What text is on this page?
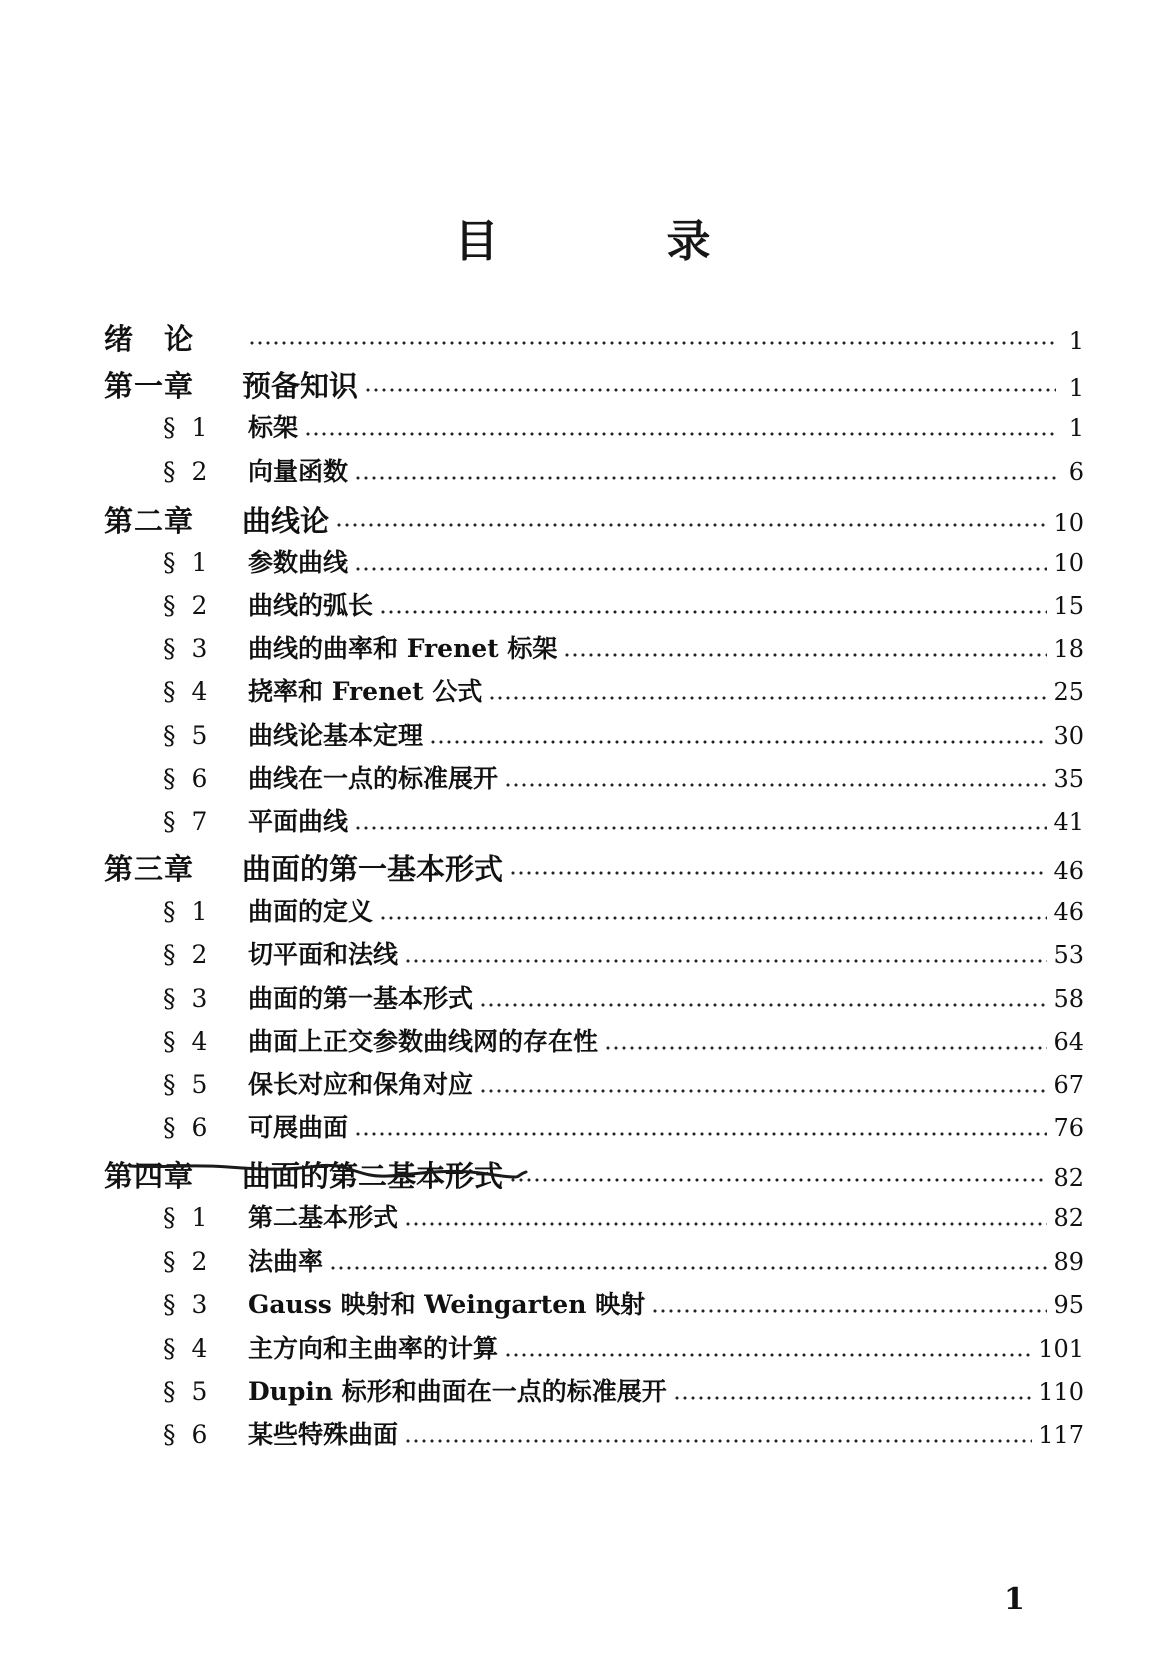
目　录
绪　论	1
第一章	预备知识	1
§ 1	标架	1
§ 2	向量函数	6
第二章	曲线论	10
§ 1	参数曲线	10
§ 2	曲线的弧长	15
§ 3	曲线的曲率和 Frenet 标架	18
§ 4	挠率和 Frenet 公式	25
§ 5	曲线论基本定理	30
§ 6	曲线在一点的标准展开	35
§ 7	平面曲线	41
第三章	曲面的第一基本形式	46
§ 1	曲面的定义	46
§ 2	切平面和法线	53
§ 3	曲面的第一基本形式	58
§ 4	曲面上正交参数曲线网的存在性	64
§ 5	保长对应和保角对应	67
§ 6	可展曲面	76
第四章	曲面的第二基本形式	82
§ 1	第二基本形式	82
§ 2	法曲率	89
§ 3	Gauss 映射和 Weingarten 映射	95
§ 4	主方向和主曲率的计算	101
§ 5	Dupin 标形和曲面在一点的标准展开	110
§ 6	某些特殊曲面	117
1
